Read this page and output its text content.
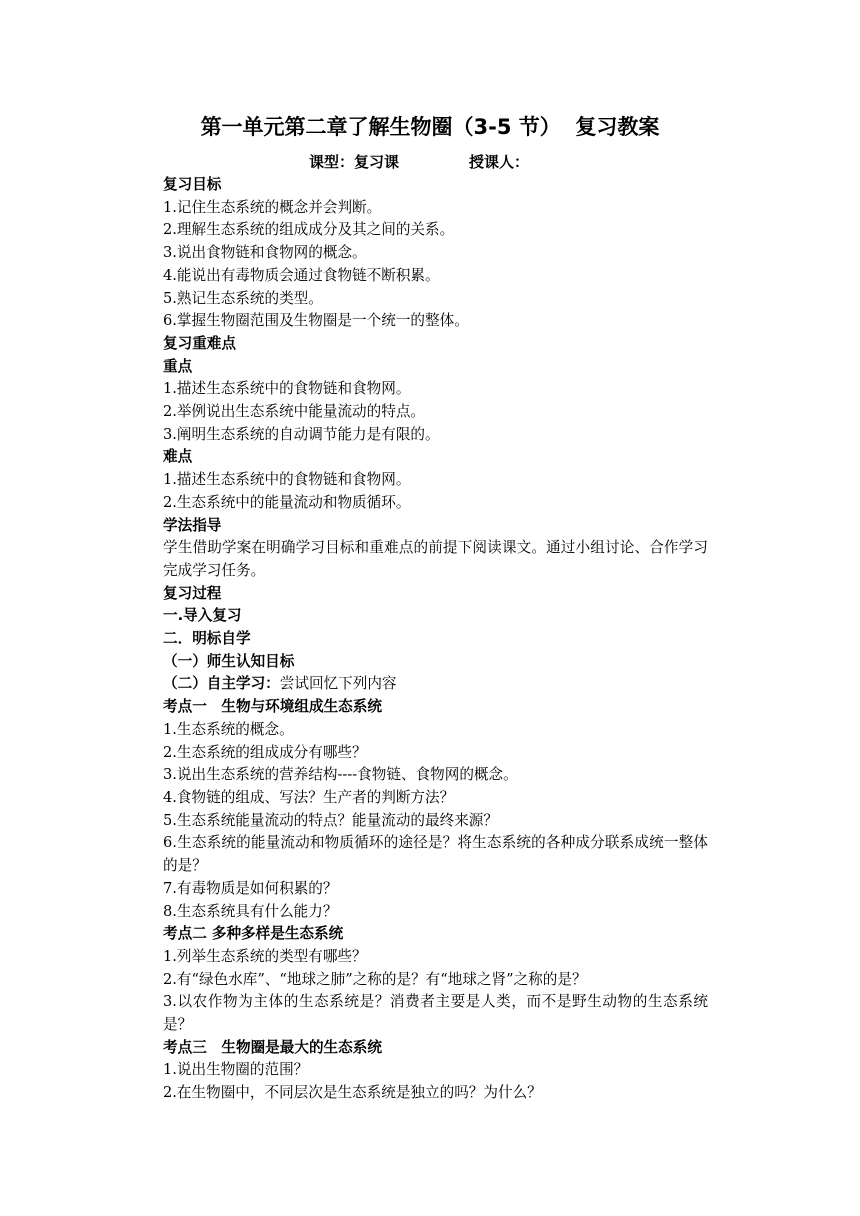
第一单元第二章了解生物圈（3-5 节）  复习教案
课型：复习课	授课人：

复习目标

1.记住生态系统的概念并会判断。

2.理解生态系统的组成成分及其之间的关系。

3.说出食物链和食物网的概念。

4.能说出有毒物质会通过食物链不断积累。

5.熟记生态系统的类型。

6.掌握生物圈范围及生物圈是一个统一的整体。

复习重难点

重点

1.描述生态系统中的食物链和食物网。

2.举例说出生态系统中能量流动的特点。

3.阐明生态系统的自动调节能力是有限的。

难点

1.描述生态系统中的食物链和食物网。

2.生态系统中的能量流动和物质循环。

学法指导

学生借助学案在明确学习目标和重难点的前提下阅读课文。通过小组讨论、合作学习完成学习任务。

复习过程

一.导入复习

二．明标自学

（一）师生认知目标

（二）自主学习：尝试回忆下列内容

考点一　生物与环境组成生态系统

1.生态系统的概念。

2.生态系统的组成成分有哪些？

3.说出生态系统的营养结构----食物链、食物网的概念。

4.食物链的组成、写法？生产者的判断方法？

5.生态系统能量流动的特点？能量流动的最终来源？

6.生态系统的能量流动和物质循环的途径是？将生态系统的各种成分联系成统一整体的是？

7.有毒物质是如何积累的？

8.生态系统具有什么能力？

考点二 多种多样是生态系统

1.列举生态系统的类型有哪些？

2.有“绿色水库”、“地球之肺”之称的是？有“地球之肾”之称的是？

3.以农作物为主体的生态系统是？消费者主要是人类，而不是野生动物的生态系统是？

考点三　生物圈是最大的生态系统

1.说出生物圈的范围？

2.在生物圈中，不同层次是生态系统是独立的吗？为什么？
